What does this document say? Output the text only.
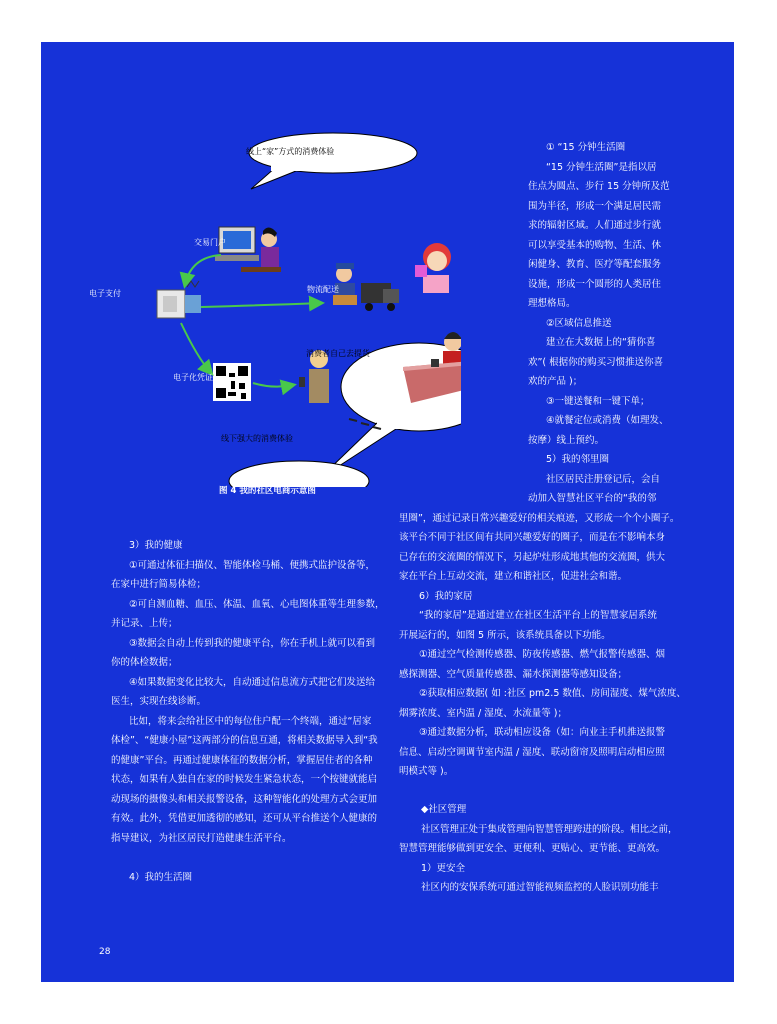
线上“家”方式的消费体验
交易门户
电子支付	物流配送
电子化凭证
消费者自己去提货
线下强大的消费体验
图 4 我的社区电商示意图

① “15 分钟生活圈

“15 分钟生活圈”是指以居

住点为圆点、步行 15 分钟所及范

围为半径，形成一个满足居民需

求的辐射区域。人们通过步行就

可以享受基本的购物、生活、休

闲健身、教育、医疗等配套服务

设施，形成一个圆形的人类居住

理想格局。

②区域信息推送

建立在大数据上的“猜你喜

欢”( 根据你的购买习惯推送你喜

欢的产品 )；

③一键送餐和一键下单；

④就餐定位或消费（如理发、

按摩）线上预约。

5）我的邻里圈

社区居民注册登记后，会自

动加入智慧社区平台的“我的邻

里圈”，通过记录日常兴趣爱好的相关痕迹，又形成一个个小圈子。

该平台不同于社区间有共同兴趣爱好的圈子，而是在不影响本身

已存在的交流圈的情况下，另起炉灶形成地其他的交流圈，供大

家在平台上互动交流，建立和谐社区，促进社会和谐。

6）我的家居

“我的家居”是通过建立在社区生活平台上的智慧家居系统

开展运行的，如图 5 所示，该系统具备以下功能。

①通过空气检测传感器、防夜传感器、燃气报警传感器、烟

感探测器、空气质量传感器、漏水探测器等感知设备；

②获取相应数据( 如 :社区 pm2.5 数值、房间湿度、煤气浓度、

烟雾浓度、室内温 / 湿度、水流量等 )；

③通过数据分析，联动相应设备（如：向业主手机推送报警

信息、启动空调调节室内温 / 湿度、联动窗帘及照明启动相应照

明模式等 )。

◆社区管理

社区管理正处于集成管理向智慧管理跨进的阶段。相比之前，

智慧管理能够做到更安全、更便利、更贴心、更节能、更高效。

1）更安全

社区内的安保系统可通过智能视频监控的人脸识别功能丰

3）我的健康

①可通过体征扫描仪、智能体检马桶、便携式监护设备等，

在家中进行简易体检；

②可自测血糖、血压、体温、血氧、心电图体重等生理参数，

并记录、上传；

③数据会自动上传到我的健康平台，你在手机上就可以看到

你的体检数据；

④如果数据变化比较大，自动通过信息流方式把它们发送给

医生，实现在线诊断。

比如，将来会给社区中的每位住户配一个终端，通过“居家

体检”、“健康小屋”这两部分的信息互通，将相关数据导入到“我

的健康”平台。再通过健康体征的数据分析，掌握居住者的各种

状态，如果有人独自在家的时候发生紧急状态，一个按键就能启

动现场的摄像头和相关报警设备，这种智能化的处理方式会更加

有效。此外，凭借更加透彻的感知，还可从平台推送个人健康的

指导建议，为社区居民打造健康生活平台。

4）我的生活圈

28
